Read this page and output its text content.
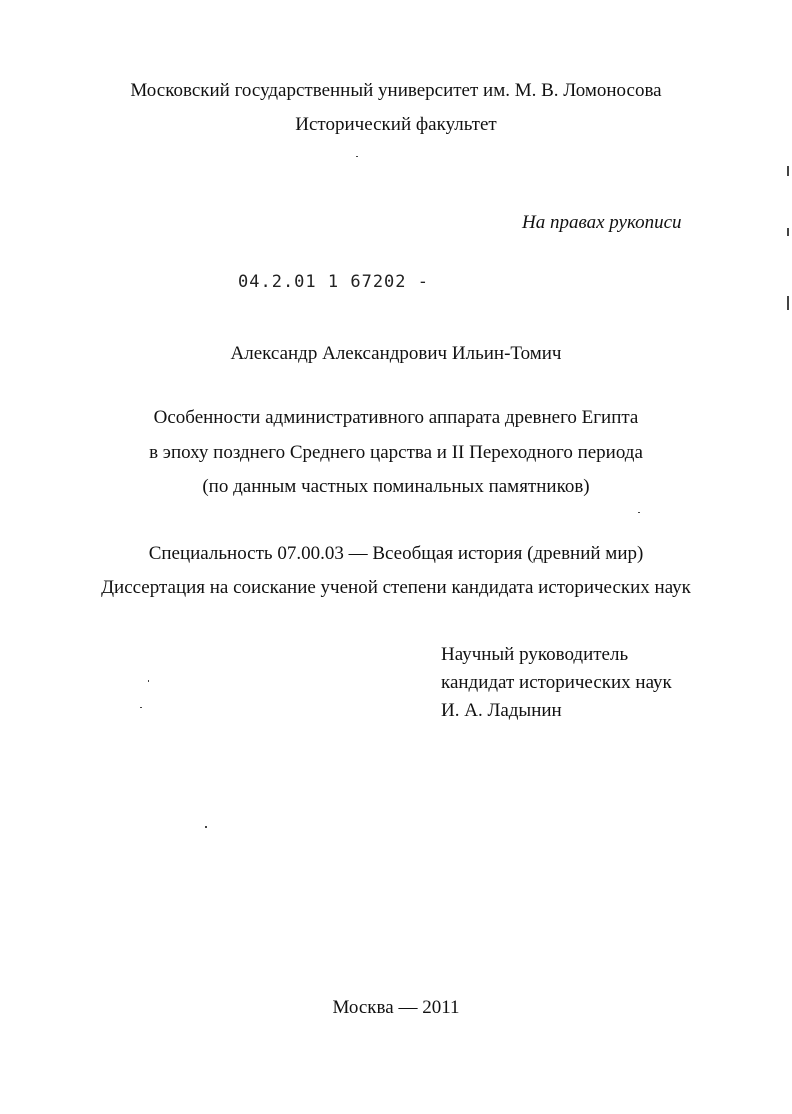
Московский государственный университет им. М. В. Ломоносова
Исторический факультет
На правах рукописи
04.2.01 1 67202 -
Александр Александрович Ильин-Томич
Особенности административного аппарата древнего Египта
в эпоху позднего Среднего царства и II Переходного периода
(по данным частных поминальных памятников)
Специальность 07.00.03 — Всеобщая история (древний мир)
Диссертация на соискание ученой степени кандидата исторических наук
Научный руководитель
кандидат исторических наук
И. А. Ладынин
Москва — 2011
